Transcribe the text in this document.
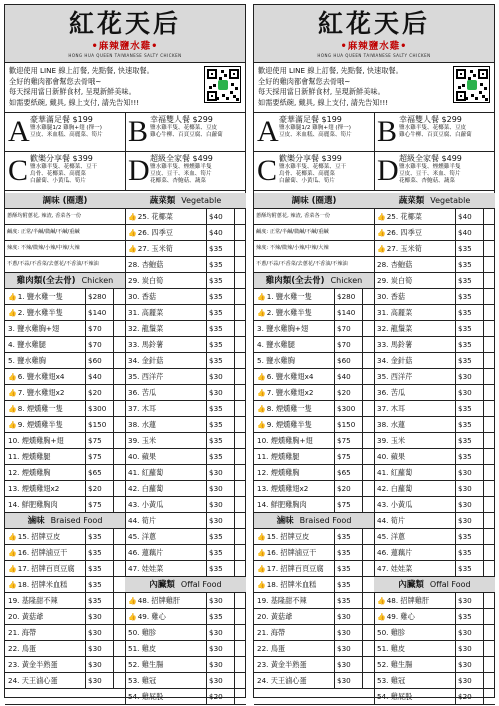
紅花天后
•麻辣鹽水雞•
HONG HUA QUEEN TAIWANESE SALTY CHICKEN
歡迎使用 LINE 線上訂餐, 先點餐, 快速取餐。
全好的雞肉都會幫您去骨哦~
每天採用當日新鮮食材, 呈現新鮮美味。
如需要紙碗, 戴具, 線上支付, 請先告知!!!
A 豪華滿足餐 $199
鹽水雞腿1/2 雞胸+翅 (擇一)
豆皮、米血糕、高麗菜、筍片 B 幸福雙人餐 $299
鹽水雞半隻、花椰菜、豆皮
雞心牛柳、百頁豆腐、白蘿蔔
C 歡樂分享餐 $399
鹽水雞半隻、花椰菜、豆干
烏骨、花椰菜、高麗菜
白蘿蔔、小黃瓜、筍片	D 超級全家餐 $499
鹽水雞半隻、煙燻雞半隻
豆皮、豆干、米血、筍片
花椰菜、杏鮑菇、蔬菜
調味 (圈選)
蔥酥均附蔥花, 辣渣, 香菜各一份
鹹度: 正常/半鹹/微鹹/不鹹/重鹹
辣度: 不辣/微辣/小辣/中辣/大辣
不蔥/不蒜/不香菜/去蔥花/不香油/不辣油
雞肉類(全去骨) Chicken
👍1. 鹽水雞一隻	$280
👍2. 鹽水雞半隻	$140
3. 鹽水雞胸+翅	$70
4. 鹽水雞腿	$70
5. 鹽水雞胸	$60
👍6. 鹽水雞翅x4	$40
👍7. 鹽水雞翅x2	$20
👍8. 煙燻雞一隻	$300
👍9. 煙燻雞半隻	$150
10. 煙燻雞胸+翅	$75
11. 煙燻雞腿	$75
12. 煙燻雞胸	$65
13. 煙燻雞翅x2	$20
14. 鮮肥雞胸肉	$75
滷味 Braised Food
👍15. 招牌豆皮	$35
👍16. 招牌滷豆干	$35
👍17. 招牌百頁豆腐	$35
👍18. 招牌米血糕	$35
19. 基隆甜不辣	$35
20. 黃菇爺	$30
21. 海帶	$30
22. 鳥蛋	$30
23. 黃金半熟蛋	$30
24. 天王滷心蛋	$30
蔬菜類 Vegetable
👍25. 花椰菜	$40
👍26. 四季豆	$40
👍27. 玉米筍	$35
28. 杏鮑菇	$35
29. 炭白筍	$35
30. 香菇	$35
31. 高麗菜	$35
32. 龍鬚菜	$35
33. 馬鈴薯	$35
34. 金針菇	$35
35. 西洋芹	$30
36. 苦瓜	$30
37. 木耳	$35
38. 水蓮	$35
39. 玉米	$35
40. 蘋果	$35
41. 紅蘿蔔	$30
42. 白蘿蔔	$30
43. 小黃瓜	$30
44. 筍片	$30
45. 洋蔥	$35
46. 蓮藕片	$35
47. 娃娃菜	$35
內臟類 Offal Food
👍48. 招牌雞肝	$30
👍49. 雞心	$35
50. 雞胗	$30
51. 雞皮	$30
52. 雞生腸	$30
53. 雞冠	$30
54. 雞屁股	$20
紅花天后
•麻辣鹽水雞•
HONG HUA QUEEN TAIWANESE SALTY CHICKEN
歡迎使用 LINE 線上訂餐, 先點餐, 快速取餐。
全好的雞肉都會幫您去骨哦~
每天採用當日新鮮食材, 呈現新鮮美味。
如需要紙碗, 戴具, 線上支付, 請先告知!!!
A 豪華滿足餐 $199
鹽水雞腿1/2 雞胸+翅 (擇一)
豆皮、米血糕、高麗菜、筍片 B 幸福雙人餐 $299
鹽水雞半隻、花椰菜、豆皮
雞心牛柳、百頁豆腐、白蘿蔔
C 歡樂分享餐 $399
鹽水雞半隻、花椰菜、豆干
烏骨、花椰菜、高麗菜
白蘿蔔、小黃瓜、筍片	D 超級全家餐 $499
鹽水雞半隻、煙燻雞半隻
豆皮、豆干、米血、筍片
花椰菜、杏鮑菇、蔬菜
調味 (圈選)
蔥酥均附蔥花, 辣渣, 香菜各一份
鹹度: 正常/半鹹/微鹹/不鹹/重鹹
辣度: 不辣/微辣/小辣/中辣/大辣
不蔥/不蒜/不香菜/去蔥花/不香油/不辣油
雞肉類(全去骨) Chicken
👍1. 鹽水雞一隻	$280
👍2. 鹽水雞半隻	$140
3. 鹽水雞胸+翅	$70
4. 鹽水雞腿	$70
5. 鹽水雞胸	$60
👍6. 鹽水雞翅x4	$40
👍7. 鹽水雞翅x2	$20
👍8. 煙燻雞一隻	$300
👍9. 煙燻雞半隻	$150
10. 煙燻雞胸+翅	$75
11. 煙燻雞腿	$75
12. 煙燻雞胸	$65
13. 煙燻雞翅x2	$20
14. 鮮肥雞胸肉	$75
滷味 Braised Food
👍15. 招牌豆皮	$35
👍16. 招牌滷豆干	$35
👍17. 招牌百頁豆腐	$35
👍18. 招牌米血糕	$35
19. 基隆甜不辣	$35
20. 黃菇爺	$30
21. 海帶	$30
22. 鳥蛋	$30
23. 黃金半熟蛋	$30
24. 天王滷心蛋	$30
蔬菜類 Vegetable
👍25. 花椰菜	$40
👍26. 四季豆	$40
👍27. 玉米筍	$35
28. 杏鮑菇	$35
29. 炭白筍	$35
30. 香菇	$35
31. 高麗菜	$35
32. 龍鬚菜	$35
33. 馬鈴薯	$35
34. 金針菇	$35
35. 西洋芹	$30
36. 苦瓜	$30
37. 木耳	$35
38. 水蓮	$35
39. 玉米	$35
40. 蘋果	$35
41. 紅蘿蔔	$30
42. 白蘿蔔	$30
43. 小黃瓜	$30
44. 筍片	$30
45. 洋蔥	$35
46. 蓮藕片	$35
47. 娃娃菜	$35
內臟類 Offal Food
👍48. 招牌雞肝	$30
👍49. 雞心	$35
50. 雞胗	$30
51. 雞皮	$30
52. 雞生腸	$30
53. 雞冠	$30
54. 雞屁股	$20
